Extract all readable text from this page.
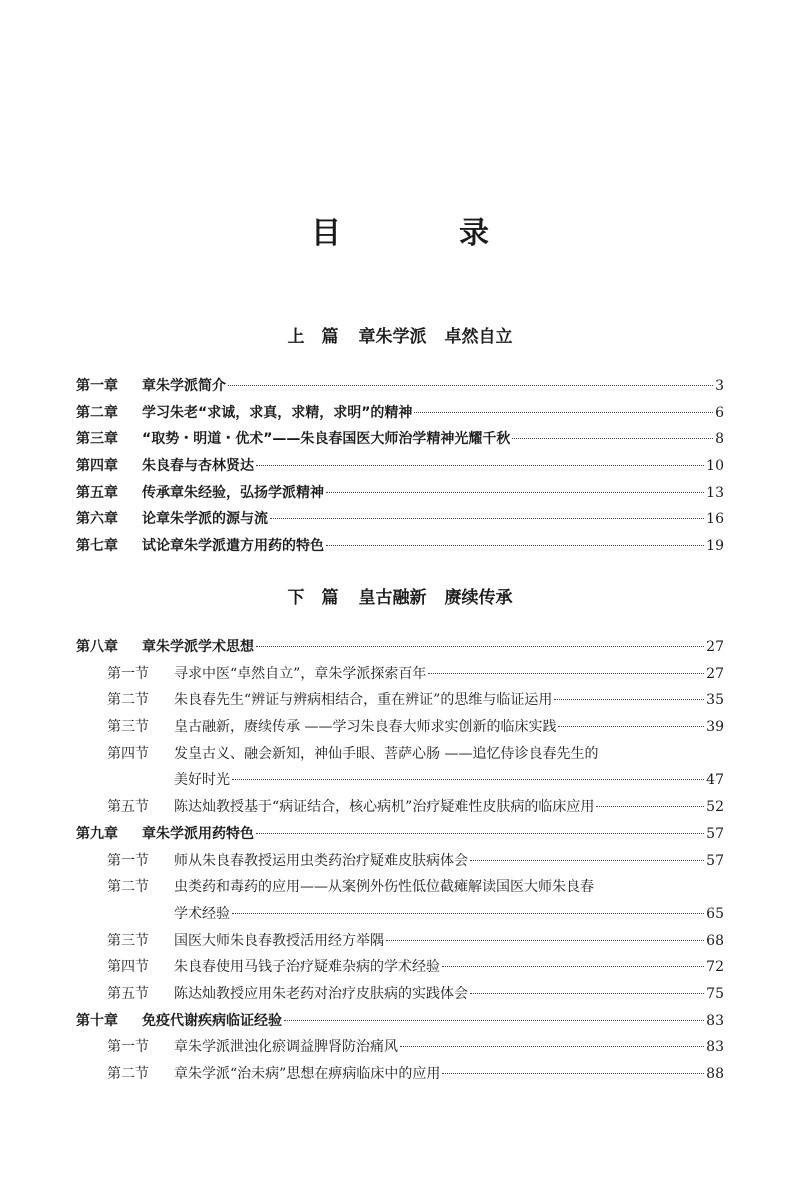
目　录
上　篇 章朱学派 卓然自立
第一章	章朱学派简介	3
第二章	学习朱老“求诚，求真，求精，求明”的精神	6
第三章	“取势・明道・优术”——朱良春国医大师治学精神光耀千秋	8
第四章	朱良春与杏林贤达	10
第五章	传承章朱经验，弘扬学派精神	13
第六章	论章朱学派的源与流	16
第七章	试论章朱学派遣方用药的特色	19
下　篇 皇古融新 赓续传承
第八章	章朱学派学术思想	27
第一节	寻求中医“卓然自立”，章朱学派探索百年	27
第二节	朱良春先生“辨证与辨病相结合，重在辨证”的思维与临证运用	35
第三节	皇古融新，赓续传承 ——学习朱良春大师求实创新的临床实践	39
第四节	发皇古义、融会新知，神仙手眼、菩萨心肠 ——追忆侍诊良春先生的
美好时光	47
第五节	陈达灿教授基于“病证结合，核心病机”治疗疑难性皮肤病的临床应用	52
第九章	章朱学派用药特色	57
第一节	师从朱良春教授运用虫类药治疗疑难皮肤病体会	57
第二节	虫类药和毒药的应用——从案例外伤性低位截瘫解读国医大师朱良春
学术经验	65
第三节	国医大师朱良春教授活用经方举隅	68
第四节	朱良春使用马钱子治疗疑难杂病的学术经验	72
第五节	陈达灿教授应用朱老药对治疗皮肤病的实践体会	75
第十章	免疫代谢疾病临证经验	83
第一节	章朱学派泄浊化瘀调益脾肾防治痛风	83
第二节	章朱学派“治未病”思想在痹病临床中的应用	88
